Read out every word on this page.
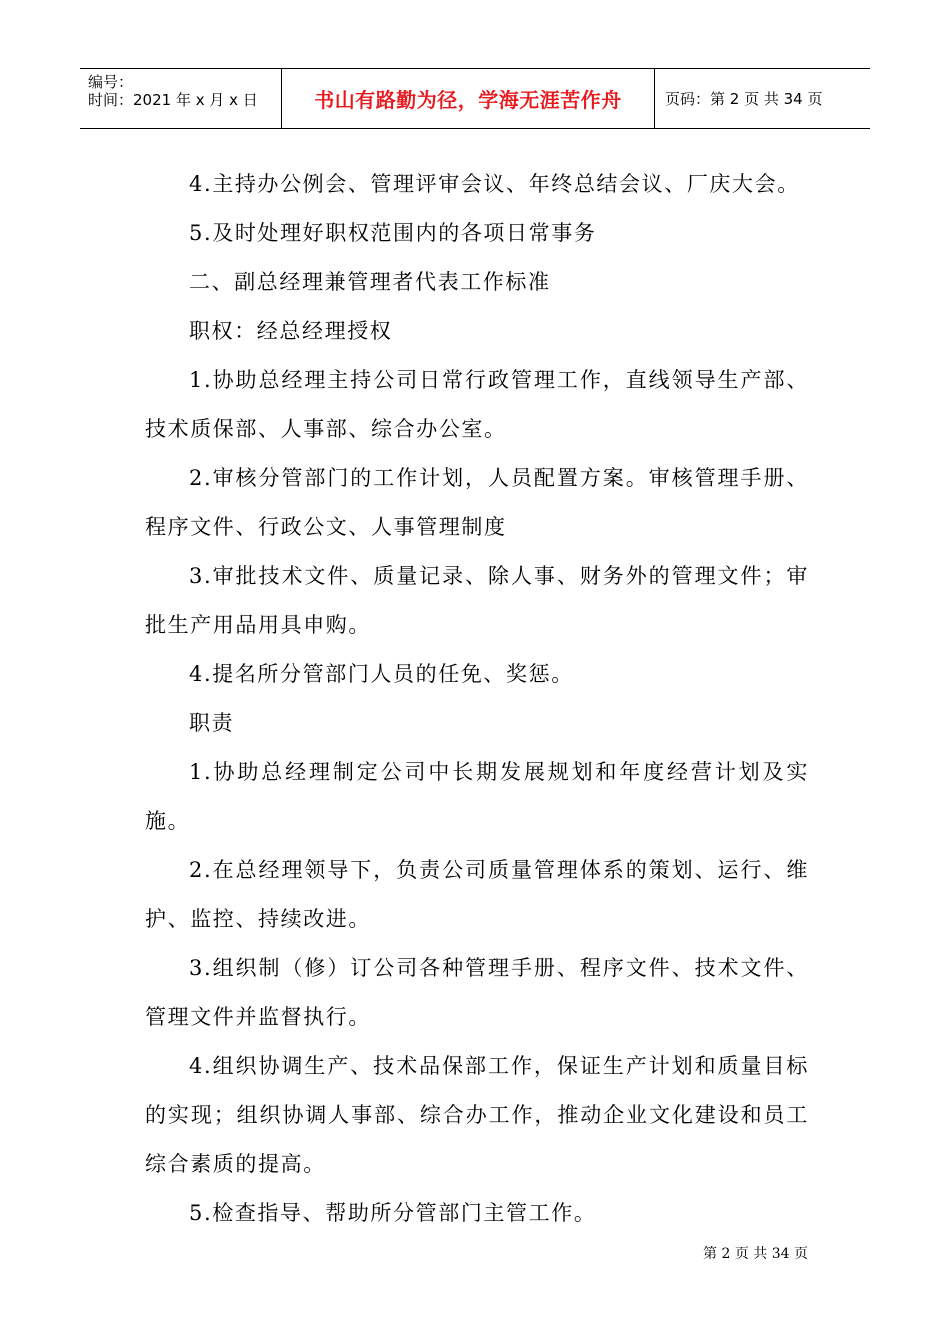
编号：
时间：2021 年 x 月 x 日	书山有路勤为径，学海无涯苦作舟	页码：第 2 页 共 34 页

4.主持办公例会、管理评审会议、年终总结会议、厂庆大会。

5.及时处理好职权范围内的各项日常事务

二、副总经理兼管理者代表工作标准

职权：经总经理授权

1.协助总经理主持公司日常行政管理工作，直线领导生产部、技术质保部、人事部、综合办公室。

2.审核分管部门的工作计划，人员配置方案。审核管理手册、程序文件、行政公文、人事管理制度

3.审批技术文件、质量记录、除人事、财务外的管理文件；审批生产用品用具申购。

4.提名所分管部门人员的任免、奖惩。

职责

1.协助总经理制定公司中长期发展规划和年度经营计划及实施。

2.在总经理领导下，负责公司质量管理体系的策划、运行、维护、监控、持续改进。

3.组织制（修）订公司各种管理手册、程序文件、技术文件、管理文件并监督执行。

4.组织协调生产、技术品保部工作，保证生产计划和质量目标的实现；组织协调人事部、综合办工作，推动企业文化建设和员工综合素质的提高。

5.检查指导、帮助所分管部门主管工作。

第 2 页 共 34 页
